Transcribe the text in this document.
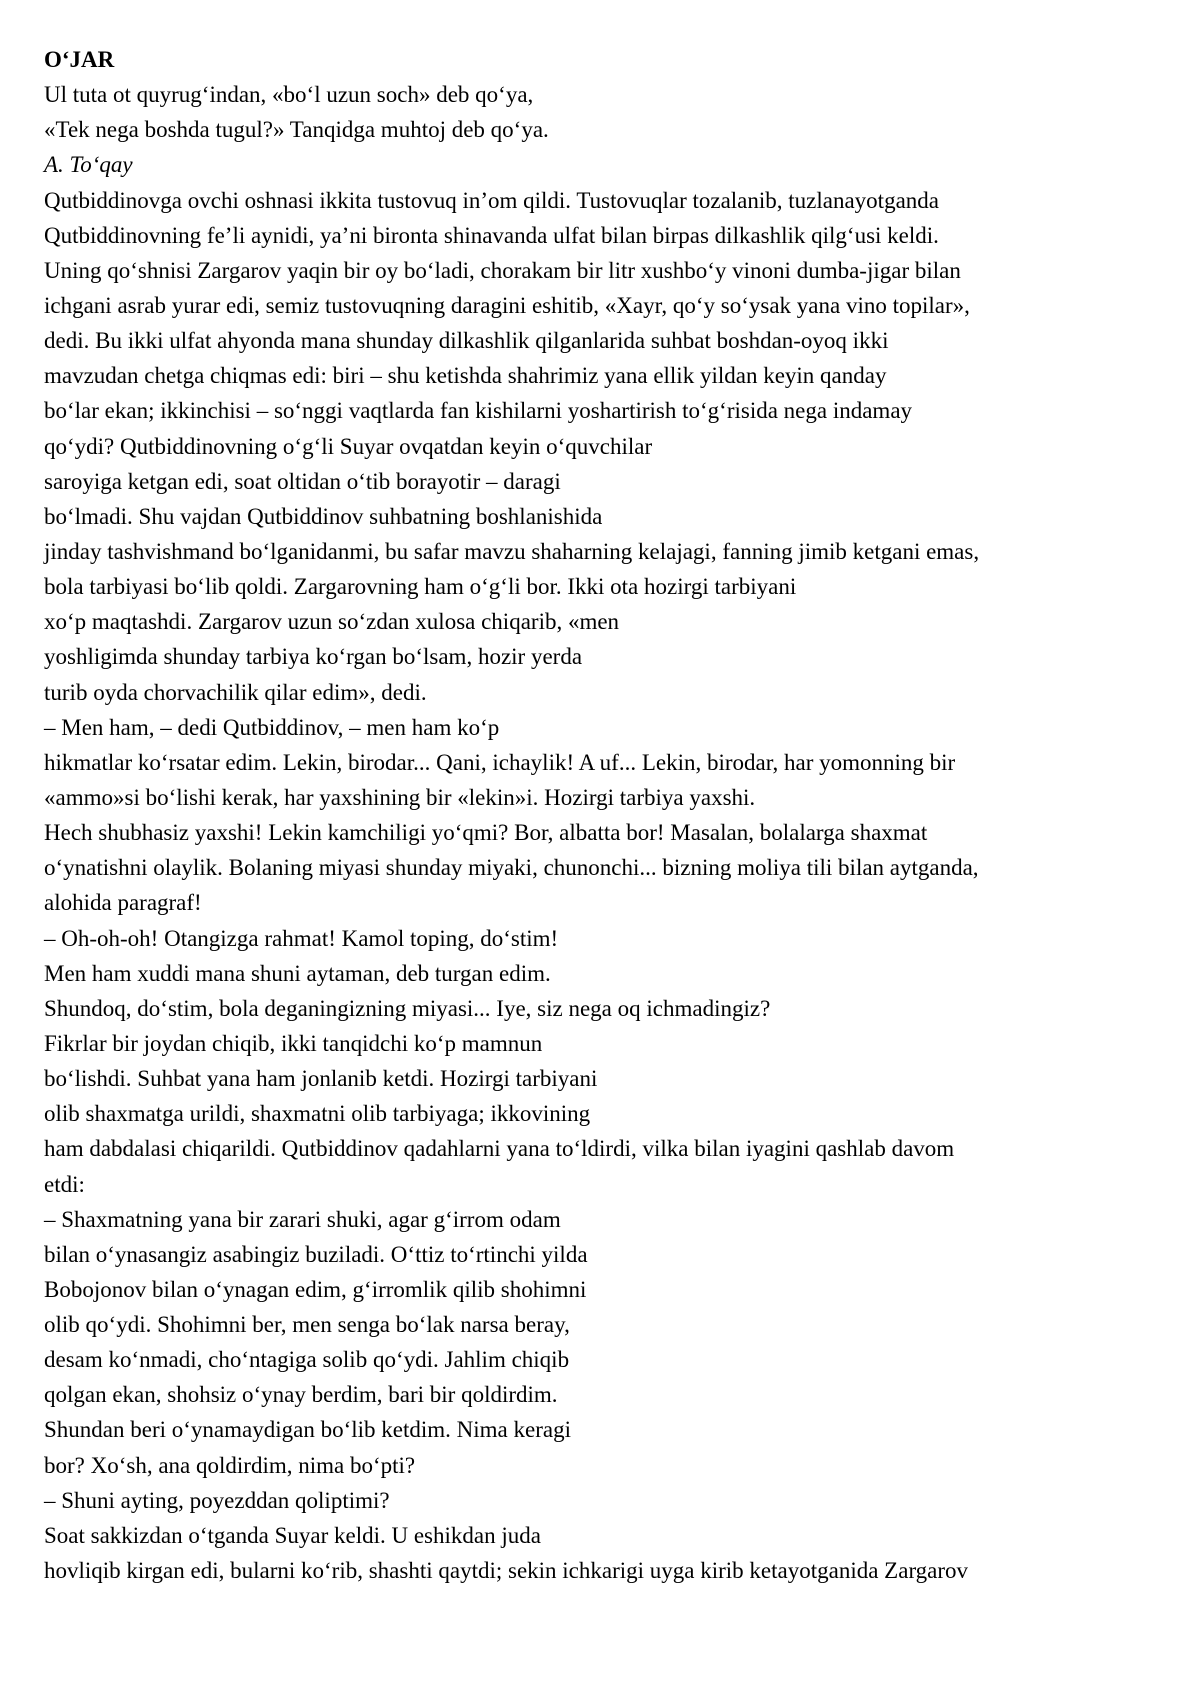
O‘JAR
Ul tuta ot quyrug‘indan, «bo‘l uzun soch» deb qo‘ya,
«Tek nega boshda tugul?» Tanqidga muhtoj deb qo‘ya.
A. To‘qay
Qutbiddinovga ovchi oshnasi ikkita tustovuq in’om qildi. Tustovuqlar tozalanib, tuzlanayotganda
Qutbiddinovning fe’li aynidi, ya’ni bironta shinavanda ulfat bilan birpas dilkashlik qilg‘usi keldi.
Uning qo‘shnisi Zargarov yaqin bir oy bo‘ladi, chorakam bir litr xushbo‘y vinoni dumba-jigar bilan
ichgani asrab yurar edi, semiz tustovuqning daragini eshitib, «Xayr, qo‘y so‘ysak yana vino topilar»,
dedi. Bu ikki ulfat ahyonda mana shunday dilkashlik qilganlarida suhbat boshdan-oyoq ikki
mavzudan chetga chiqmas edi: biri – shu ketishda shahrimiz yana ellik yildan keyin qanday
bo‘lar ekan; ikkinchisi – so‘nggi vaqtlarda fan kishilarni yoshartirish to‘g‘risida nega indamay
qo‘ydi? Qutbiddinovning o‘g‘li Suyar ovqatdan keyin o‘quvchilar
saroyiga ketgan edi, soat oltidan o‘tib borayotir – daragi
bo‘lmadi. Shu vajdan Qutbiddinov suhbatning boshlanishida
jinday tashvishmand bo‘lganidanmi, bu safar mavzu shaharning kelajagi, fanning jimib ketgani emas,
bola tarbiyasi bo‘lib qoldi. Zargarovning ham o‘g‘li bor. Ikki ota hozirgi tarbiyani
xo‘p maqtashdi. Zargarov uzun so‘zdan xulosa chiqarib, «men
yoshligimda shunday tarbiya ko‘rgan bo‘lsam, hozir yerda
turib oyda chorvachilik qilar edim», dedi.
– Men ham, – dedi Qutbiddinov, – men ham ko‘p
hikmatlar ko‘rsatar edim. Lekin, birodar... Qani, ichaylik! A uf... Lekin, birodar, har yomonning bir
«ammo»si bo‘lishi kerak, har yaxshining bir «lekin»i. Hozirgi tarbiya yaxshi.
Hech shubhasiz yaxshi! Lekin kamchiligi yo‘qmi? Bor, albatta bor! Masalan, bolalarga shaxmat
o‘ynatishni olaylik. Bolaning miyasi shunday miyaki, chunonchi... bizning moliya tili bilan aytganda,
alohida paragraf!
– Oh-oh-oh! Otangizga rahmat! Kamol toping, do‘stim!
Men ham xuddi mana shuni aytaman, deb turgan edim.
Shundoq, do‘stim, bola deganingizning miyasi... Iye, siz nega oq ichmadingiz?
Fikrlar bir joydan chiqib, ikki tanqidchi ko‘p mamnun
bo‘lishdi. Suhbat yana ham jonlanib ketdi. Hozirgi tarbiyani
olib shaxmatga urildi, shaxmatni olib tarbiyaga; ikkovining
ham dabdalasi chiqarildi. Qutbiddinov qadahlarni yana to‘ldirdi, vilka bilan iyagini qashlab davom
etdi:
– Shaxmatning yana bir zarari shuki, agar g‘irrom odam
bilan o‘ynasangiz asabingiz buziladi. O‘ttiz to‘rtinchi yilda
Bobojonov bilan o‘ynagan edim, g‘irromlik qilib shohimni
olib qo‘ydi. Shohimni ber, men senga bo‘lak narsa beray,
desam ko‘nmadi, cho‘ntagiga solib qo‘ydi. Jahlim chiqib
qolgan ekan, shohsiz o‘ynay berdim, bari bir qoldirdim.
Shundan beri o‘ynamaydigan bo‘lib ketdim. Nima keragi
bor? Xo‘sh, ana qoldirdim, nima bo‘pti?
– Shuni ayting, poyezddan qoliptimi?
Soat sakkizdan o‘tganda Suyar keldi. U eshikdan juda
hovliqib kirgan edi, bularni ko‘rib, shashti qaytdi; sekin ichkarigi uyga kirib ketayotganida Zargarov
